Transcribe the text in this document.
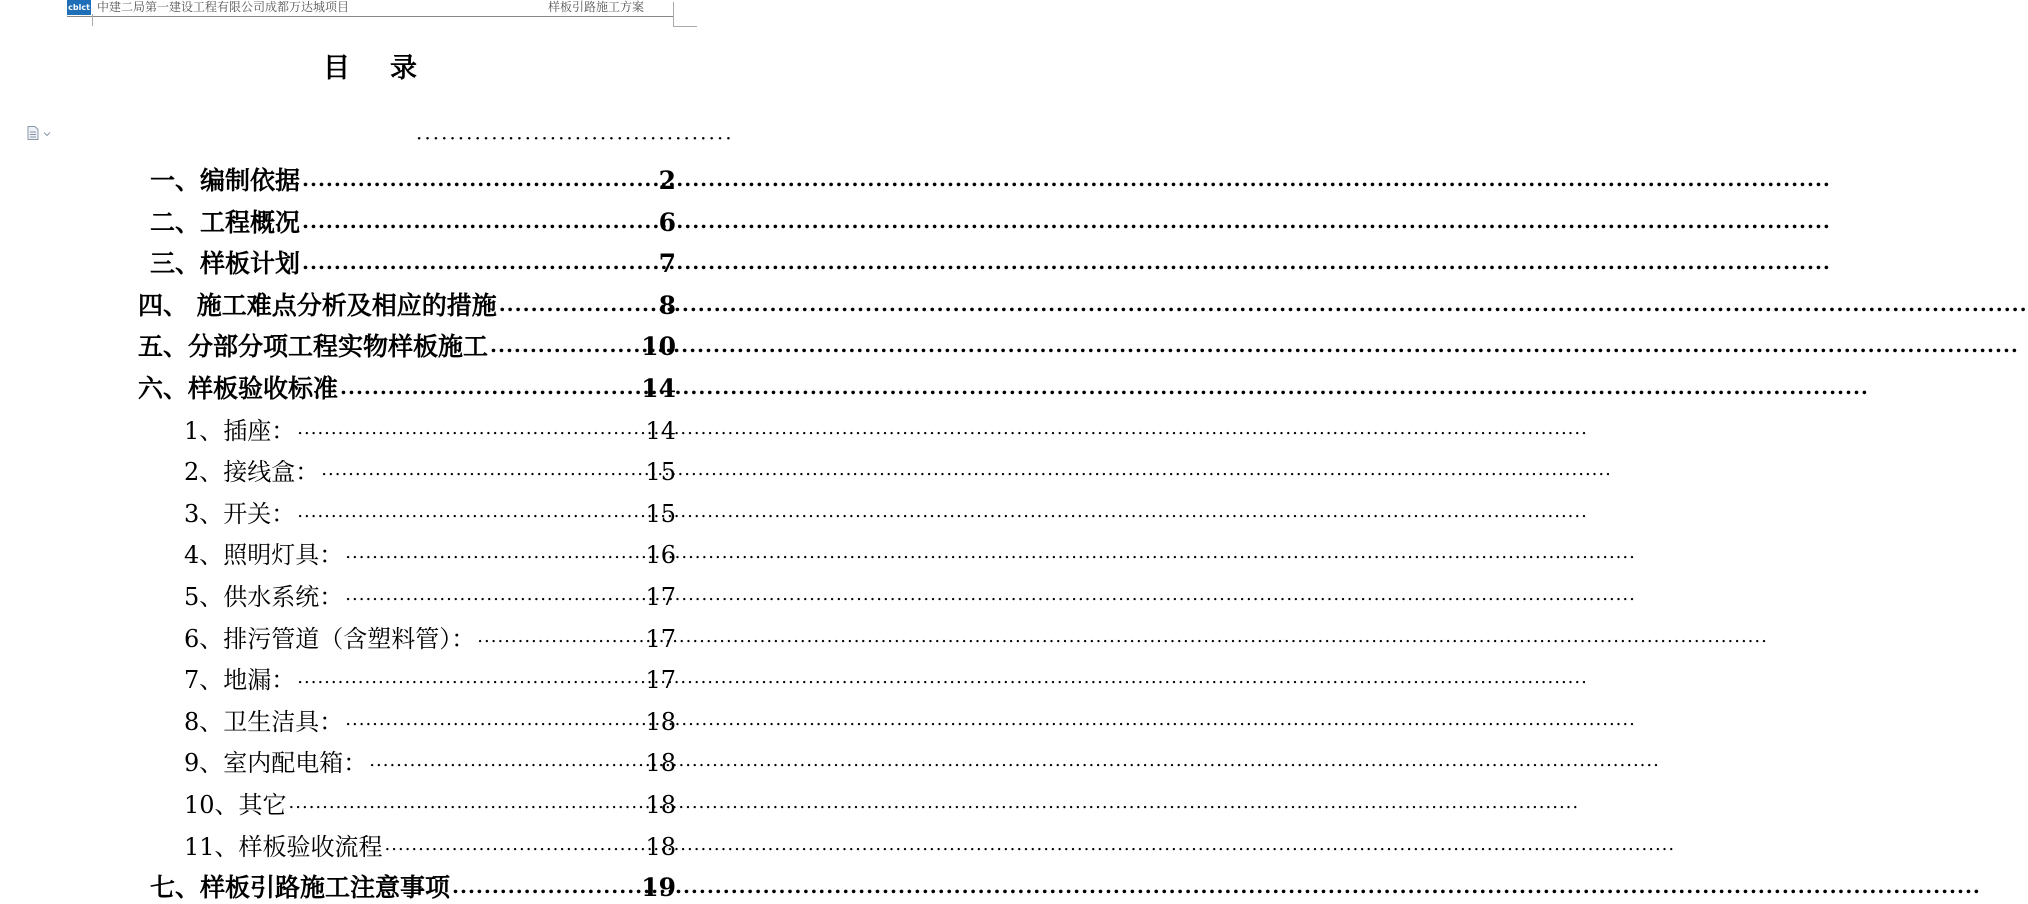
cblct 中建二局第一建设工程有限公司成都万达城项目	样板引路施工方案
目录
······································
一、编制依据 .....	2
二、工程概况 .....	6
三、样板计划 .....	7
四、 施工难点分析及相应的措施 .....	8
五、分部分项工程实物样板施工 .....	10
六、样板验收标准 .....	14
1、插座： .....	14
2、接线盒： .....	15
3、开关： .....	15
4、照明灯具： .....	16
5、供水系统： .....	17
6、排污管道（含塑料管）： .....	17
7、地漏： .....	17
8、卫生洁具： .....	18
9、室内配电箱： .....	18
10、其它 .....	18
11、样板验收流程 .....	18
七、样板引路施工注意事项 .....	19
